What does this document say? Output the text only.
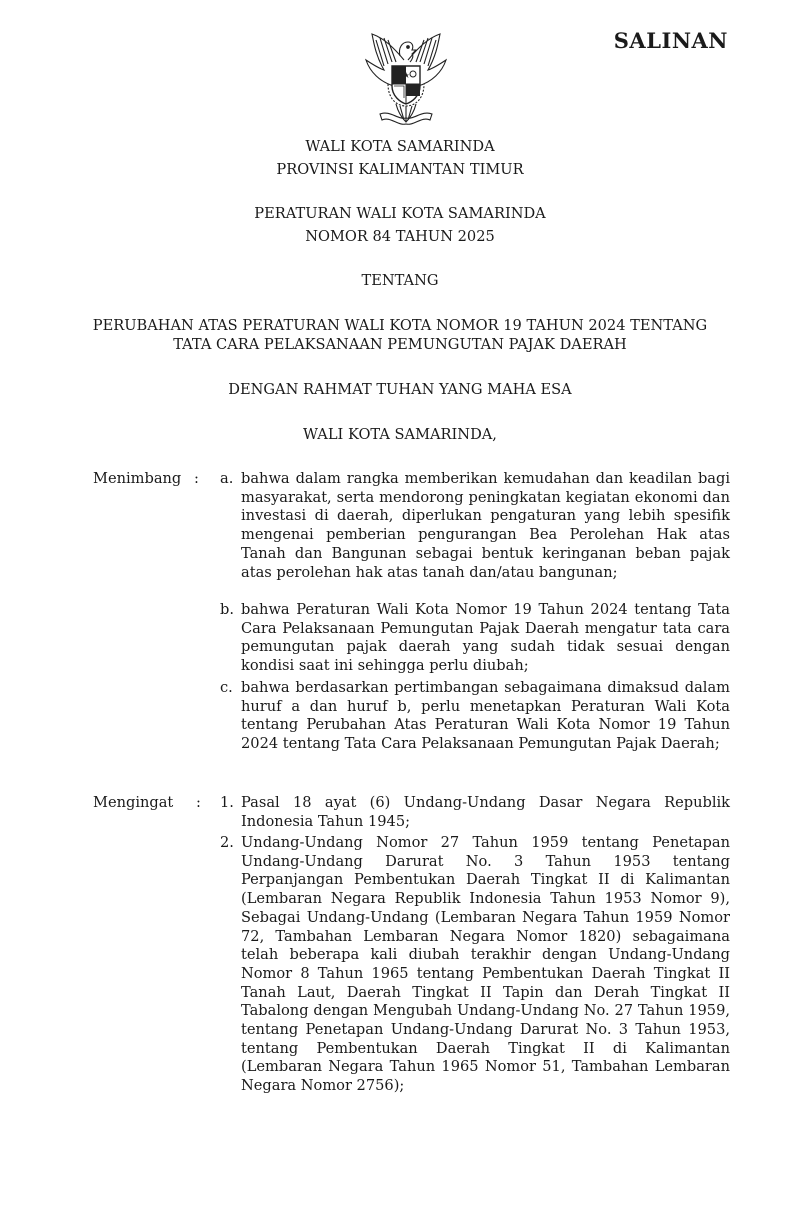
SALINAN
WALI KOTA SAMARINDA
PROVINSI KALIMANTAN TIMUR
PERATURAN WALI KOTA SAMARINDA
NOMOR 84 TAHUN 2025
TENTANG
PERUBAHAN ATAS PERATURAN WALI KOTA NOMOR 19 TAHUN 2024 TENTANG
TATA CARA PELAKSANAAN PEMUNGUTAN PAJAK DAERAH
DENGAN RAHMAT TUHAN YANG MAHA ESA
WALI KOTA SAMARINDA,
Menimbang : a. bahwa dalam rangka memberikan kemudahan dan keadilan bagi masyarakat, serta mendorong peningkatan kegiatan ekonomi dan investasi di daerah, diperlukan pengaturan yang lebih spesifik mengenai pemberian pengurangan Bea Perolehan Hak atas Tanah dan Bangunan sebagai bentuk keringanan beban pajak atas perolehan hak atas tanah dan/atau bangunan;
b. bahwa Peraturan Wali Kota Nomor 19 Tahun 2024 tentang Tata Cara Pelaksanaan Pemungutan Pajak Daerah mengatur tata cara pemungutan pajak daerah yang sudah tidak sesuai dengan kondisi saat ini sehingga perlu diubah;
c. bahwa berdasarkan pertimbangan sebagaimana dimaksud dalam huruf a dan huruf b, perlu menetapkan Peraturan Wali Kota tentang Perubahan Atas Peraturan Wali Kota Nomor 19 Tahun 2024 tentang Tata Cara Pelaksanaan Pemungutan Pajak Daerah;
Mengingat : 1. Pasal 18 ayat (6) Undang-Undang Dasar Negara Republik Indonesia Tahun 1945;
2. Undang-Undang Nomor 27 Tahun 1959 tentang Penetapan Undang-Undang Darurat No. 3 Tahun 1953 tentang Perpanjangan Pembentukan Daerah Tingkat II di Kalimantan (Lembaran Negara Republik Indonesia Tahun 1953 Nomor 9), Sebagai Undang-Undang (Lembaran Negara Tahun 1959 Nomor 72, Tambahan Lembaran Negara Nomor 1820) sebagaimana telah beberapa kali diubah terakhir dengan Undang-Undang Nomor 8 Tahun 1965 tentang Pembentukan Daerah Tingkat II Tanah Laut, Daerah Tingkat II Tapin dan Derah Tingkat II Tabalong dengan Mengubah Undang-Undang No. 27 Tahun 1959, tentang Penetapan Undang-Undang Darurat No. 3 Tahun 1953, tentang Pembentukan Daerah Tingkat II di Kalimantan (Lembaran Negara Tahun 1965 Nomor 51, Tambahan Lembaran Negara Nomor 2756);
